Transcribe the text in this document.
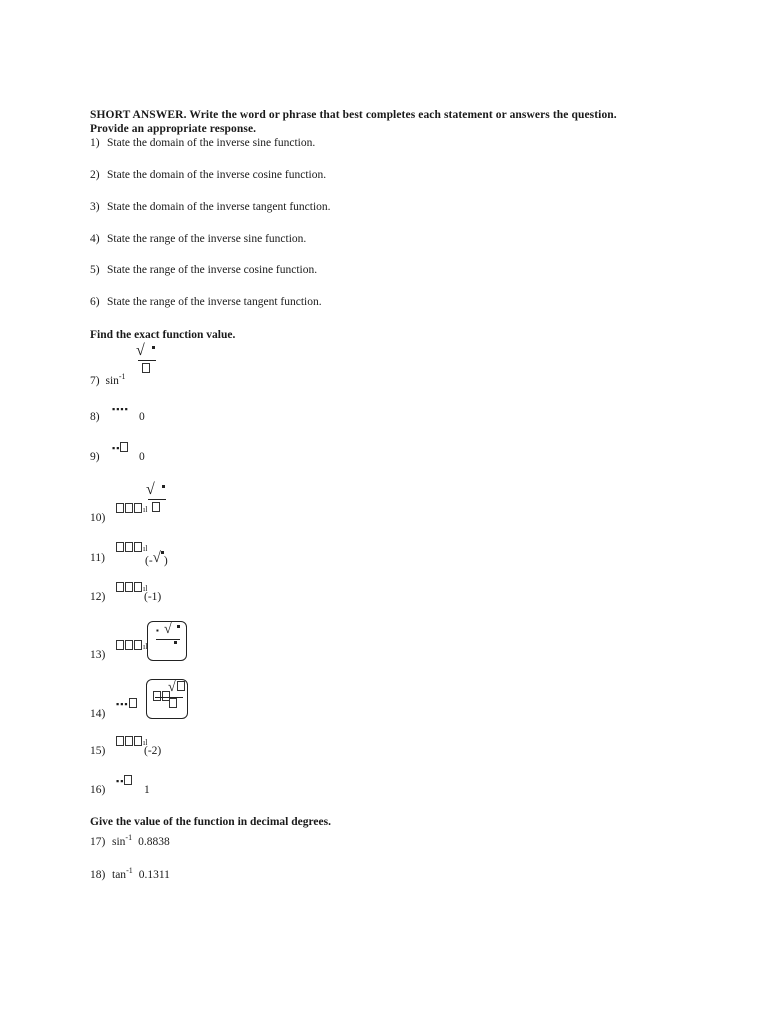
SHORT ANSWER. Write the word or phrase that best completes each statement or answers the question.
Provide an appropriate response.
1) State the domain of the inverse sine function.
2) State the domain of the inverse cosine function.
3) State the domain of the inverse tangent function.
4) State the range of the inverse sine function.
5) State the range of the inverse cosine function.
6) State the range of the inverse tangent function.
Find the exact function value.
7) $\sin^{-1}$
√
8)
▪▪▪▪
0
9)
▪▪
0
10)
ıl
√
11)
ıl
(-√ )
12)
ıl
(-1)
13)
ıl
▪ √
14)
▪▪▪
√
15)
ıl
(-2)
16)
▪▪
1
Give the value of the function in decimal degrees.
17) $\sin^{-1} 0.8838$
18) $\tan^{-1} 0.1311$
